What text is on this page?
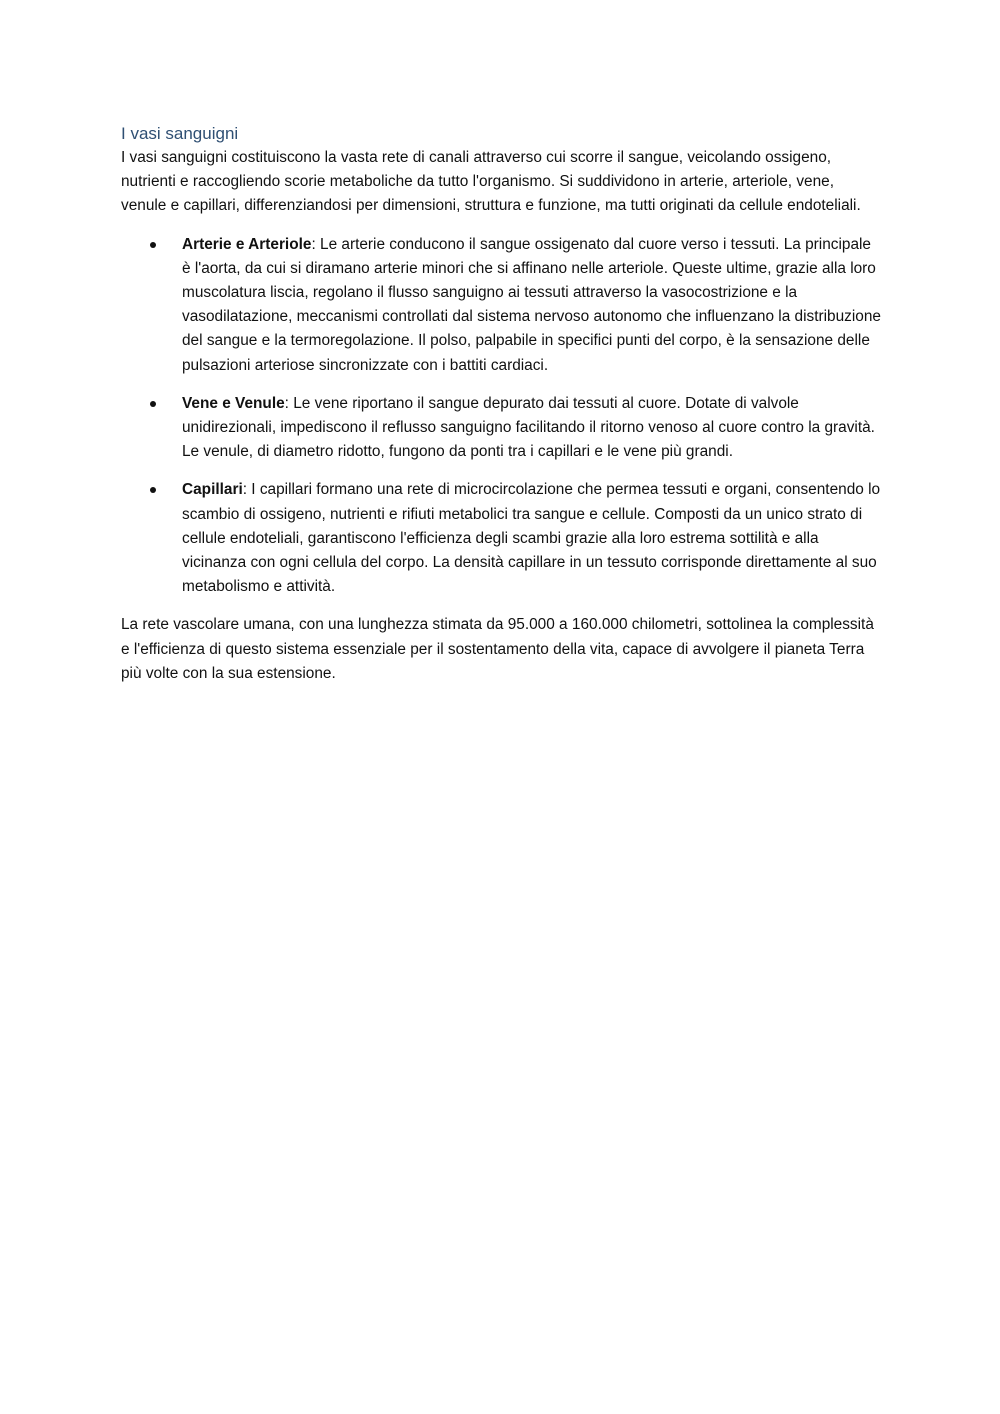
I vasi sanguigni

I vasi sanguigni costituiscono la vasta rete di canali attraverso cui scorre il sangue, veicolando ossigeno, nutrienti e raccogliendo scorie metaboliche da tutto l'organismo. Si suddividono in arterie, arteriole, vene, venule e capillari, differenziandosi per dimensioni, struttura e funzione, ma tutti originati da cellule endoteliali.

Arterie e Arteriole: Le arterie conducono il sangue ossigenato dal cuore verso i tessuti. La principale è l'aorta, da cui si diramano arterie minori che si affinano nelle arteriole. Queste ultime, grazie alla loro muscolatura liscia, regolano il flusso sanguigno ai tessuti attraverso la vasocostrizione e la vasodilatazione, meccanismi controllati dal sistema nervoso autonomo che influenzano la distribuzione del sangue e la termoregolazione. Il polso, palpabile in specifici punti del corpo, è la sensazione delle pulsazioni arteriose sincronizzate con i battiti cardiaci.
Vene e Venule: Le vene riportano il sangue depurato dai tessuti al cuore. Dotate di valvole unidirezionali, impediscono il reflusso sanguigno facilitando il ritorno venoso al cuore contro la gravità. Le venule, di diametro ridotto, fungono da ponti tra i capillari e le vene più grandi.
Capillari: I capillari formano una rete di microcircolazione che permea tessuti e organi, consentendo lo scambio di ossigeno, nutrienti e rifiuti metabolici tra sangue e cellule. Composti da un unico strato di cellule endoteliali, garantiscono l'efficienza degli scambi grazie alla loro estrema sottilità e alla vicinanza con ogni cellula del corpo. La densità capillare in un tessuto corrisponde direttamente al suo metabolismo e attività.

La rete vascolare umana, con una lunghezza stimata da 95.000 a 160.000 chilometri, sottolinea la complessità e l'efficienza di questo sistema essenziale per il sostentamento della vita, capace di avvolgere il pianeta Terra più volte con la sua estensione.
